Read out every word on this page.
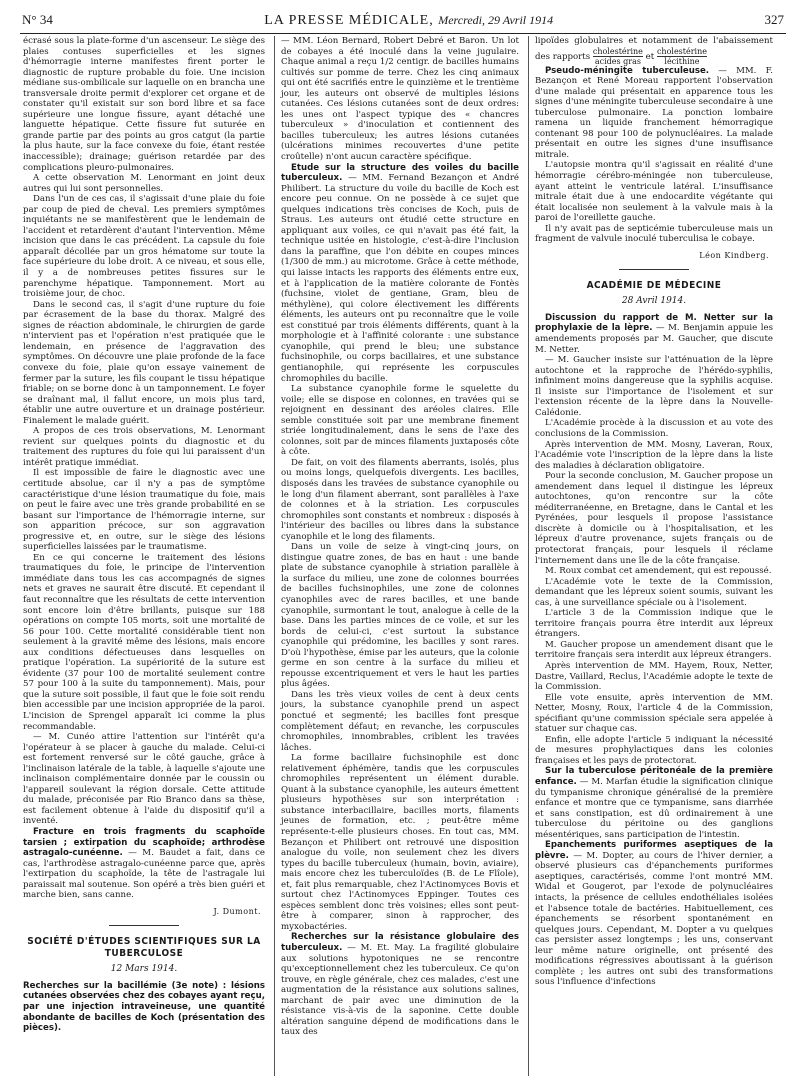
N° 34	LA PRESSE MÉDICALE, Mercredi, 29 Avril 1914	327

écrasé sous la plate-forme d'un ascenseur. Le siège des plaies contuses superficielles et les signes d'hémorragie interne manifestes firent porter le diagnostic de rupture probable du foie. Une incision médiane sus-ombilicale sur laquelle on en brancha une transversale droite permit d'explorer cet organe et de constater qu'il existait sur son bord libre et sa face supérieure une longue fissure, ayant détaché une languette hépatique. Cette fissure fut suturée en grande partie par des points au gros catgut (la partie la plus haute, sur la face convexe du foie, étant restée inaccessible); drainage; guérison retardée par des complications pleuro-pulmonaires.

A cette observation M. Lenormant en joint deux autres qui lui sont personnelles.

Dans l'un de ces cas, il s'agissait d'une plaie du foie par coup de pied de cheval. Les premiers symptômes inquiétants ne se manifestèrent que le lendemain de l'accident et retardèrent d'autant l'intervention. Même incision que dans le cas précédent. La capsule du foie apparaît décollée par un gros hématome sur toute la face supérieure du lobe droit. A ce niveau, et sous elle, il y a de nombreuses petites fissures sur le parenchyme hépatique. Tamponnement. Mort au troisième jour, de choc.

Dans le second cas, il s'agit d'une rupture du foie par écrasement de la base du thorax. Malgré des signes de réaction abdominale, le chirurgien de garde n'intervient pas et l'opération n'est pratiquée que le lendemain, en présence de l'aggravation des symptômes. On découvre une plaie profonde de la face convexe du foie, plaie qu'on essaye vainement de fermer par la suture, les fils coupant le tissu hépatique friable; on se borne donc à un tamponnement. Le foyer se draînant mal, il fallut encore, un mois plus tard, établir une autre ouverture et un drainage postérieur. Finalement le malade guérit.

A propos de ces trois observations, M. Lenormant revient sur quelques points du diagnostic et du traitement des ruptures du foie qui lui paraissent d'un intérêt pratique immédiat.

Il est impossible de faire le diagnostic avec une certitude absolue, car il n'y a pas de symptôme caractéristique d'une lésion traumatique du foie, mais on peut le faire avec une très grande probabilité en se basant sur l'importance de l'hémorragie interne, sur son apparition précoce, sur son aggravation progressive et, en outre, sur le siège des lésions superficielles laissées par le traumatisme.

En ce qui concerne le traitement des lésions traumatiques du foie, le principe de l'intervention immédiate dans tous les cas accompagnés de signes nets et graves ne saurait être discuté. Et cependant il faut reconnaître que les résultats de cette intervention sont encore loin d'être brillants, puisque sur 188 opérations on compte 105 morts, soit une mortalité de 56 pour 100. Cette mortalité considérable tient non seulement à la gravité même des lésions, mais encore aux conditions défectueuses dans lesquelles on pratique l'opération. La supériorité de la suture est évidente (37 pour 100 de mortalité seulement contre 57 pour 100 à la suite du tamponnement). Mais, pour que la suture soit possible, il faut que le foie soit rendu bien accessible par une incision appropriée de la paroi. L'incision de Sprengel apparaît ici comme la plus recommandable.

— M. Cunéo attire l'attention sur l'intérêt qu'a l'opérateur à se placer à gauche du malade. Celui-ci est fortement renversé sur le côté gauche, grâce à l'inclinaison latérale de la table, à laquelle s'ajoute une inclinaison complémentaire donnée par le coussin ou l'appareil soulevant la région dorsale. Cette attitude du malade, préconisée par Rio Branco dans sa thèse, est facilement obtenue à l'aide du dispositif qu'il a inventé.

Fracture en trois fragments du scaphoïde tarsien ; extirpation du scaphoïde; arthrodèse astragalo-cunéenne. — M. Baudet a fait, dans ce cas, l'arthrodèse astragalo-cunéenne parce que, après l'extirpation du scaphoïde, la tête de l'astragale lui paraissait mal soutenue. Son opéré a très bien guéri et marche bien, sans canne.

J. Dumont.
SOCIÉTÉ D'ÉTUDES SCIENTIFIQUES SUR LA TUBERCULOSE
12 Mars 1914.

Recherches sur la bacillémie (3e note) : lésions cutanées observées chez des cobayes ayant reçu, par une injection intraveineuse, une quantité abondante de bacilles de Koch (présentation des pièces).

— MM. Léon Bernard, Robert Debré et Baron. Un lot de cobayes a été inoculé dans la veine jugulaire. Chaque animal a reçu 1/2 centigr. de bacilles humains cultivés sur pomme de terre. Chez les cinq animaux qui ont été sacrifiés entre le quinzième et le trentième jour, les auteurs ont observé de multiples lésions cutanées. Ces lésions cutanées sont de deux ordres: les unes ont l'aspect typique des « chancres tuberculeux » d'inoculation et contiennent des bacilles tuberculeux; les autres lésions cutanées (ulcérations minimes recouvertes d'une petite croûtelle) n'ont aucun caractère spécifique.

Etude sur la structure des voiles du bacille tuberculeux. — MM. Fernand Bezançon et André Philibert. La structure du voile du bacille de Koch est encore peu connue. On ne possède à ce sujet que quelques indications très concises de Koch, puis de Straus. Les auteurs ont étudié cette structure en appliquant aux voiles, ce qui n'avait pas été fait, la technique usitée en histologie, c'est-à-dire l'inclusion dans la paraffine, que l'on débite en coupes minces (1/300 de mm.) au microtome. Grâce à cette méthode, qui laisse intacts les rapports des éléments entre eux, et à l'application de la matière colorante de Fontès (fuchsine, violet de gentiane, Gram, bleu de méthylène), qui colore électivement les différents éléments, les auteurs ont pu reconnaître que le voile est constitué par trois éléments différents, quant à la morphologie et à l'affinité colorante : une substance cyanophile, qui prend le bleu; une substance fuchsinophile, ou corps bacillaires, et une substance gentianophile, qui représente les corpuscules chromophiles du bacille.

La substance cyanophile forme le squelette du voile; elle se dispose en colonnes, en travées qui se rejoignent en dessinant des aréoles claires. Elle semble constituée soit par une membrane finement striée longitudinalement, dans le sens de l'axe des colonnes, soit par de minces filaments juxtaposés côte à côte.

De fait, on voit des filaments aberrants, isolés, plus ou moins longs, quelquefois divergents. Les bacilles, disposés dans les travées de substance cyanophile ou le long d'un filament aberrant, sont parallèles à l'axe de colonnes et à la striation. Les corpuscules chromophiles sont constants et nombreux : disposés à l'intérieur des bacilles ou libres dans la substance cyanophile et le long des filaments.

Dans un voile de seize à vingt-cinq jours, on distingue quatre zones, de bas en haut : une bande plate de substance cyanophile à striation parallèle à la surface du milieu, une zone de colonnes bourrées de bacilles fuchsinophiles, une zone de colonnes cyanophiles avec de rares bacilles, et une bande cyanophile, surmontant le tout, analogue à celle de la base. Dans les parties minces de ce voile, et sur les bords de celui-ci, c'est surtout la substance cyanophile qui prédomine, les bacilles y sont rares. D'où l'hypothèse, émise par les auteurs, que la colonie germe en son centre à la surface du milieu et repousse excentriquement et vers le haut les parties plus âgées.

Dans les très vieux voiles de cent à deux cents jours, la substance cyanophile prend un aspect ponctué et segmenté; les bacilles font presque complètement défaut; en revanche, les corpuscules chromophiles, innombrables, criblent les travées lâches.

La forme bacillaire fuchsinophile est donc relativement éphémère, tandis que les corpuscules chromophiles représentent un élément durable. Quant à la substance cyanophile, les auteurs émettent plusieurs hypothèses sur son interprétation : substance interbacillaire, bacilles morts, filaments jeunes de formation, etc. ; peut-être même représente-t-elle plusieurs choses. En tout cas, MM. Bezançon et Philibert ont retrouvé une disposition analogue du voile, non seulement chez les divers types du bacille tuberculeux (humain, bovin, aviaire), mais encore chez les tuberculoïdes (B. de Le Flîole), et, fait plus remarquable, chez l'Actinomyces Bovis et surtout chez l'Actinomyces Eppinger. Toutes ces espèces semblent donc très voisines; elles sont peut-être à comparer, sinon à rapprocher, des myxobactéries.

Recherches sur la résistance globulaire des tuberculeux. — M. Et. May. La fragilité globulaire aux solutions hypotoniques ne se rencontre qu'exceptionnellement chez les tuberculeux. Ce qu'on trouve, en règle générale, chez ces malades, c'est une augmentation de la résistance aux solutions salines, marchant de pair avec une diminution de la résistance vis-à-vis de la saponine. Cette double altération sanguine dépend de modifications dans le taux des

lipoïdes globulaires et notamment de l'abaissement des rapports $\frac{\text{cholestérine}}{\text{acides gras}}$ et $\frac{\text{cholestérine}}{\text{lécithine}}$

Pseudo-méningite tuberculeuse. — MM. F. Bezançon et René Moreau rapportent l'observation d'une malade qui présentait en apparence tous les signes d'une méningite tuberculeuse secondaire à une tuberculose pulmonaire. La ponction lombaire ramena un liquide franchement hémorragique contenant 98 pour 100 de polynucléaires. La malade présentait en outre les signes d'une insuffisance mitrale.

L'autopsie montra qu'il s'agissait en réalité d'une hémorragie cérébro-méningée non tuberculeuse, ayant atteint le ventricule latéral. L'insuffisance mitrale était due à une endocardite végétante qui était localisée non seulement à la valvule mais à la paroi de l'oreillette gauche.

Il n'y avait pas de septicémie tuberculeuse mais un fragment de valvule inoculé tuberculisa le cobaye.

Léon Kindberg.
ACADÉMIE DE MÉDECINE
28 Avril 1914.

Discussion du rapport de M. Netter sur la prophylaxie de la lèpre. — M. Benjamin appuie les amendements proposés par M. Gaucher, que discute M. Netter.

— M. Gaucher insiste sur l'atténuation de la lèpre autochtone et la rapproche de l'hérédo-syphilis, infiniment moins dangereuse que la syphilis acquise. Il insiste sur l'importance de l'isolement et sur l'extension récente de la lèpre dans la Nouvelle-Calédonie.

L'Académie procède à la discussion et au vote des conclusions de la Commission.

Après intervention de MM. Mosny, Laveran, Roux, l'Académie vote l'inscription de la lèpre dans la liste des maladies à déclaration obligatoire.

Pour la seconde conclusion, M. Gaucher propose un amendement dans lequel il distingue les lépreux autochtones, qu'on rencontre sur la côte méditerranéenne, en Bretagne, dans le Cantal et les Pyrénées, pour lesquels il propose l'assistance discrète à domicile ou à l'hospitalisation, et les lépreux d'autre provenance, sujets français ou de protectorat français, pour lesquels il réclame l'internement dans une île de la côte française.

M. Roux combat cet amendement, qui est repoussé.

L'Académie vote le texte de la Commission, demandant que les lépreux soient soumis, suivant les cas, à une surveillance spéciale ou à l'isolement.

L'article 3 de la Commission indique que le territoire français pourra être interdit aux lépreux étrangers.

M. Gaucher propose un amendement disant que le territoire français sera interdit aux lépreux étrangers.

Après intervention de MM. Hayem, Roux, Netter, Dastre, Vaillard, Reclus, l'Académie adopte le texte de la Commission.

Elle vote ensuite, après intervention de MM. Netter, Mosny, Roux, l'article 4 de la Commission, spécifiant qu'une commission spéciale sera appelée à statuer sur chaque cas.

Enfin, elle adopte l'article 5 indiquant la nécessité de mesures prophylactiques dans les colonies françaises et les pays de protectorat.

Sur la tuberculose péritonéale de la première enfance. — M. Marfan étudie la signification clinique du tympanisme chronique généralisé de la première enfance et montre que ce tympanisme, sans diarrhée et sans constipation, est dû ordinairement à une tuberculose du péritoine ou des ganglions mésentériques, sans participation de l'intestin.

Epanchements puriformes aseptiques de la plèvre. — M. Dopter, au cours de l'hiver dernier, a observé plusieurs cas d'épanchements puriformes aseptiques, caractérisés, comme l'ont montré MM. Widal et Gougerot, par l'exode de polynucléaires intacts, la présence de cellules endothéliales isolées et l'absence totale de bactéries. Habituellement, ces épanchements se résorbent spontanément en quelques jours. Cependant, M. Dopter a vu quelques cas persister assez longtemps ; les uns, conservant leur même nature originelle, ont présenté des modifications régressives aboutissant à la guérison complète ; les autres ont subi des transformations sous l'influence d'infections
